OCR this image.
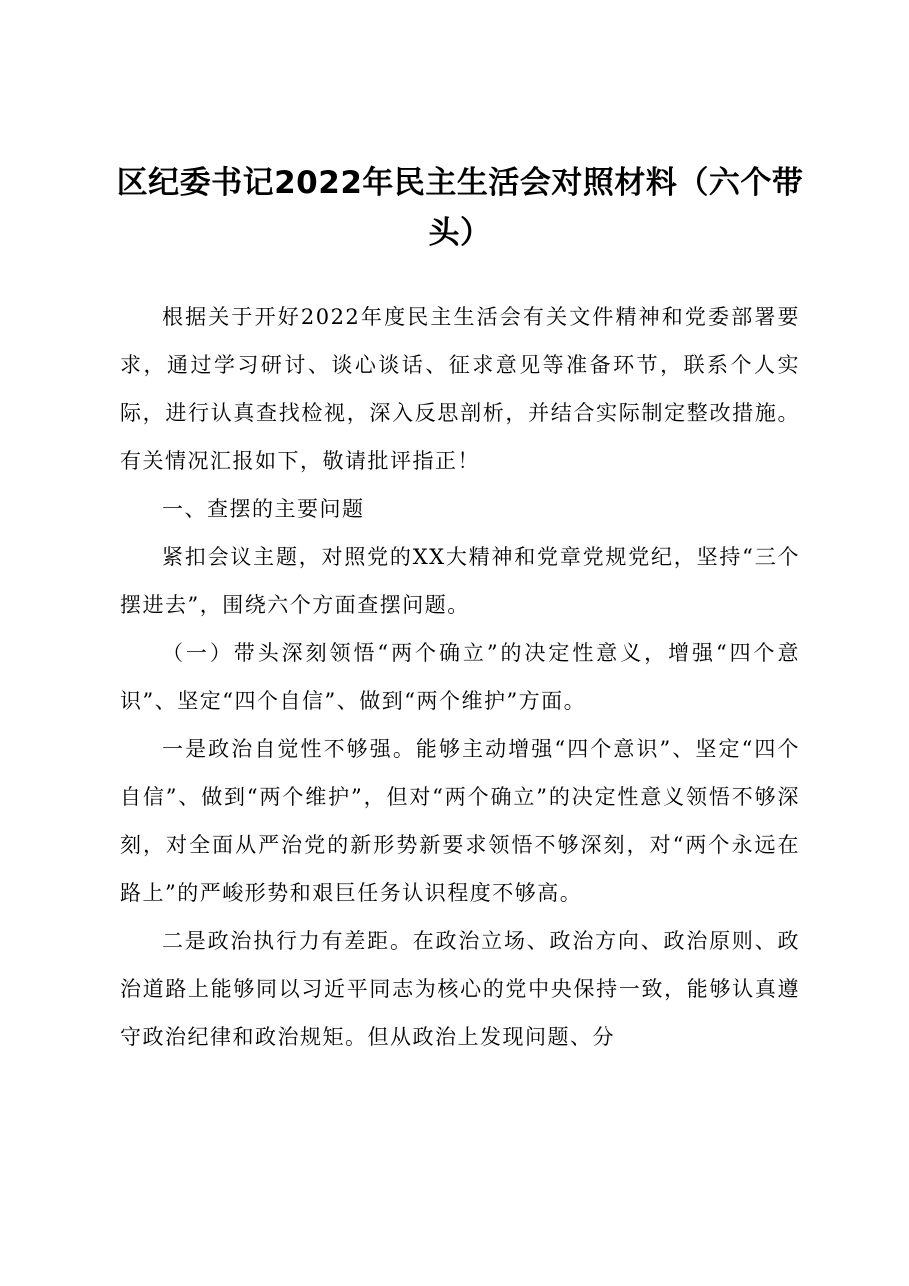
区纪委书记2022年民主生活会对照材料（六个带头）

根据关于开好2022年度民主生活会有关文件精神和党委部署要求，通过学习研讨、谈心谈话、征求意见等准备环节，联系个人实际，进行认真查找检视，深入反思剖析，并结合实际制定整改措施。有关情况汇报如下，敬请批评指正！

一、查摆的主要问题

紧扣会议主题，对照党的XX大精神和党章党规党纪，坚持“三个摆进去”，围绕六个方面查摆问题。

（一）带头深刻领悟“两个确立”的决定性意义，增强“四个意识”、坚定“四个自信”、做到“两个维护”方面。

一是政治自觉性不够强。能够主动增强“四个意识”、坚定“四个自信”、做到“两个维护”，但对“两个确立”的决定性意义领悟不够深刻，对全面从严治党的新形势新要求领悟不够深刻，对“两个永远在路上”的严峻形势和艰巨任务认识程度不够高。

二是政治执行力有差距。在政治立场、政治方向、政治原则、政治道路上能够同以习近平同志为核心的党中央保持一致，能够认真遵守政治纪律和政治规矩。但从政治上发现问题、分
